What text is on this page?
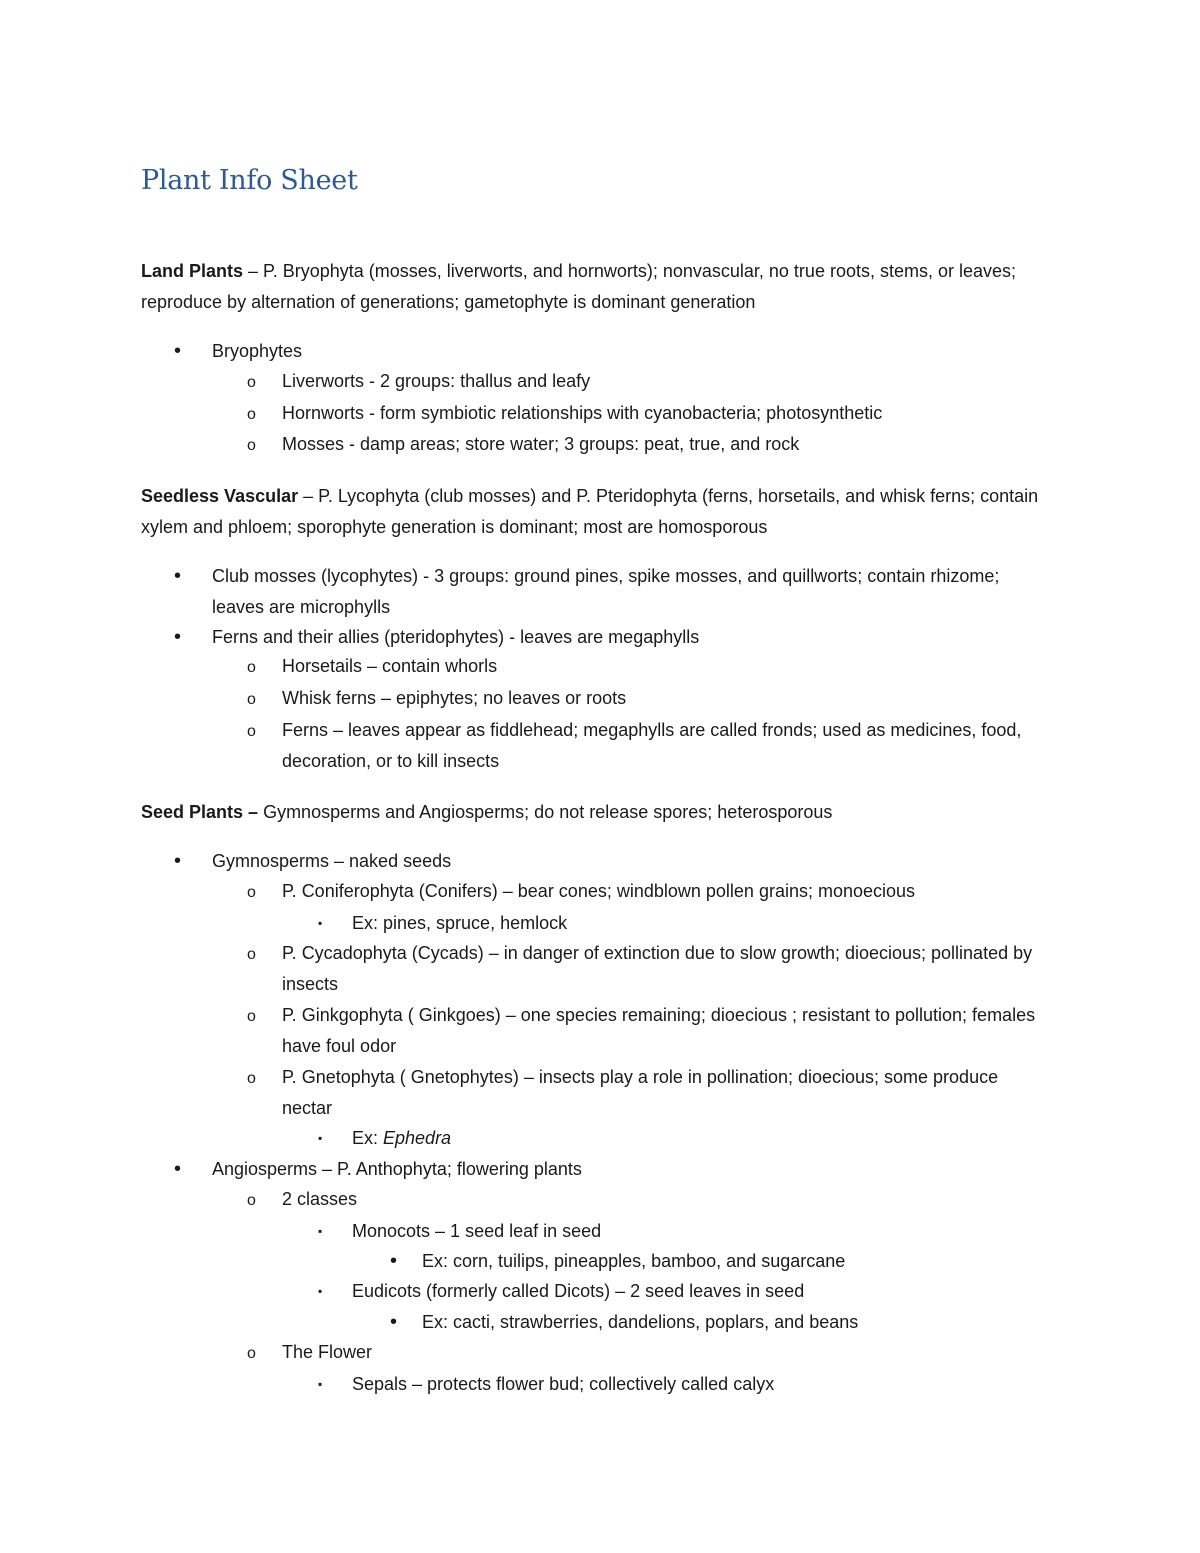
Plant Info Sheet

Land Plants – P. Bryophyta (mosses, liverworts, and hornworts); nonvascular, no true roots, stems, or leaves; reproduce by alternation of generations; gametophyte is dominant generation

• Bryophytes

o Liverworts - 2 groups: thallus and leafy

o Hornworts - form symbiotic relationships with cyanobacteria; photosynthetic

o Mosses - damp areas; store water; 3 groups: peat, true, and rock

Seedless Vascular – P. Lycophyta (club mosses) and P. Pteridophyta (ferns, horsetails, and whisk ferns; contain xylem and phloem; sporophyte generation is dominant; most are homosporous

• Club mosses (lycophytes) - 3 groups: ground pines, spike mosses, and quillworts; contain rhizome; leaves are microphylls

• Ferns and their allies (pteridophytes) - leaves are megaphylls

o Horsetails – contain whorls

o Whisk ferns – epiphytes; no leaves or roots

o Ferns – leaves appear as fiddlehead; megaphylls are called fronds; used as medicines, food, decoration, or to kill insects

Seed Plants – Gymnosperms and Angiosperms; do not release spores; heterosporous

• Gymnosperms – naked seeds

o P. Coniferophyta (Conifers) – bear cones; windblown pollen grains; monoecious

▪ Ex: pines, spruce, hemlock

o P. Cycadophyta (Cycads) – in danger of extinction due to slow growth; dioecious; pollinated by insects

o P. Ginkgophyta ( Ginkgoes) – one species remaining; dioecious ; resistant to pollution; females have foul odor

o P. Gnetophyta ( Gnetophytes) – insects play a role in pollination; dioecious; some produce nectar

▪ Ex: Ephedra

• Angiosperms – P. Anthophyta; flowering plants

o 2 classes

▪ Monocots – 1 seed leaf in seed

• Ex: corn, tuilips, pineapples, bamboo, and sugarcane

▪ Eudicots (formerly called Dicots) – 2 seed leaves in seed

• Ex: cacti, strawberries, dandelions, poplars, and beans

o The Flower

▪ Sepals – protects flower bud; collectively called calyx
